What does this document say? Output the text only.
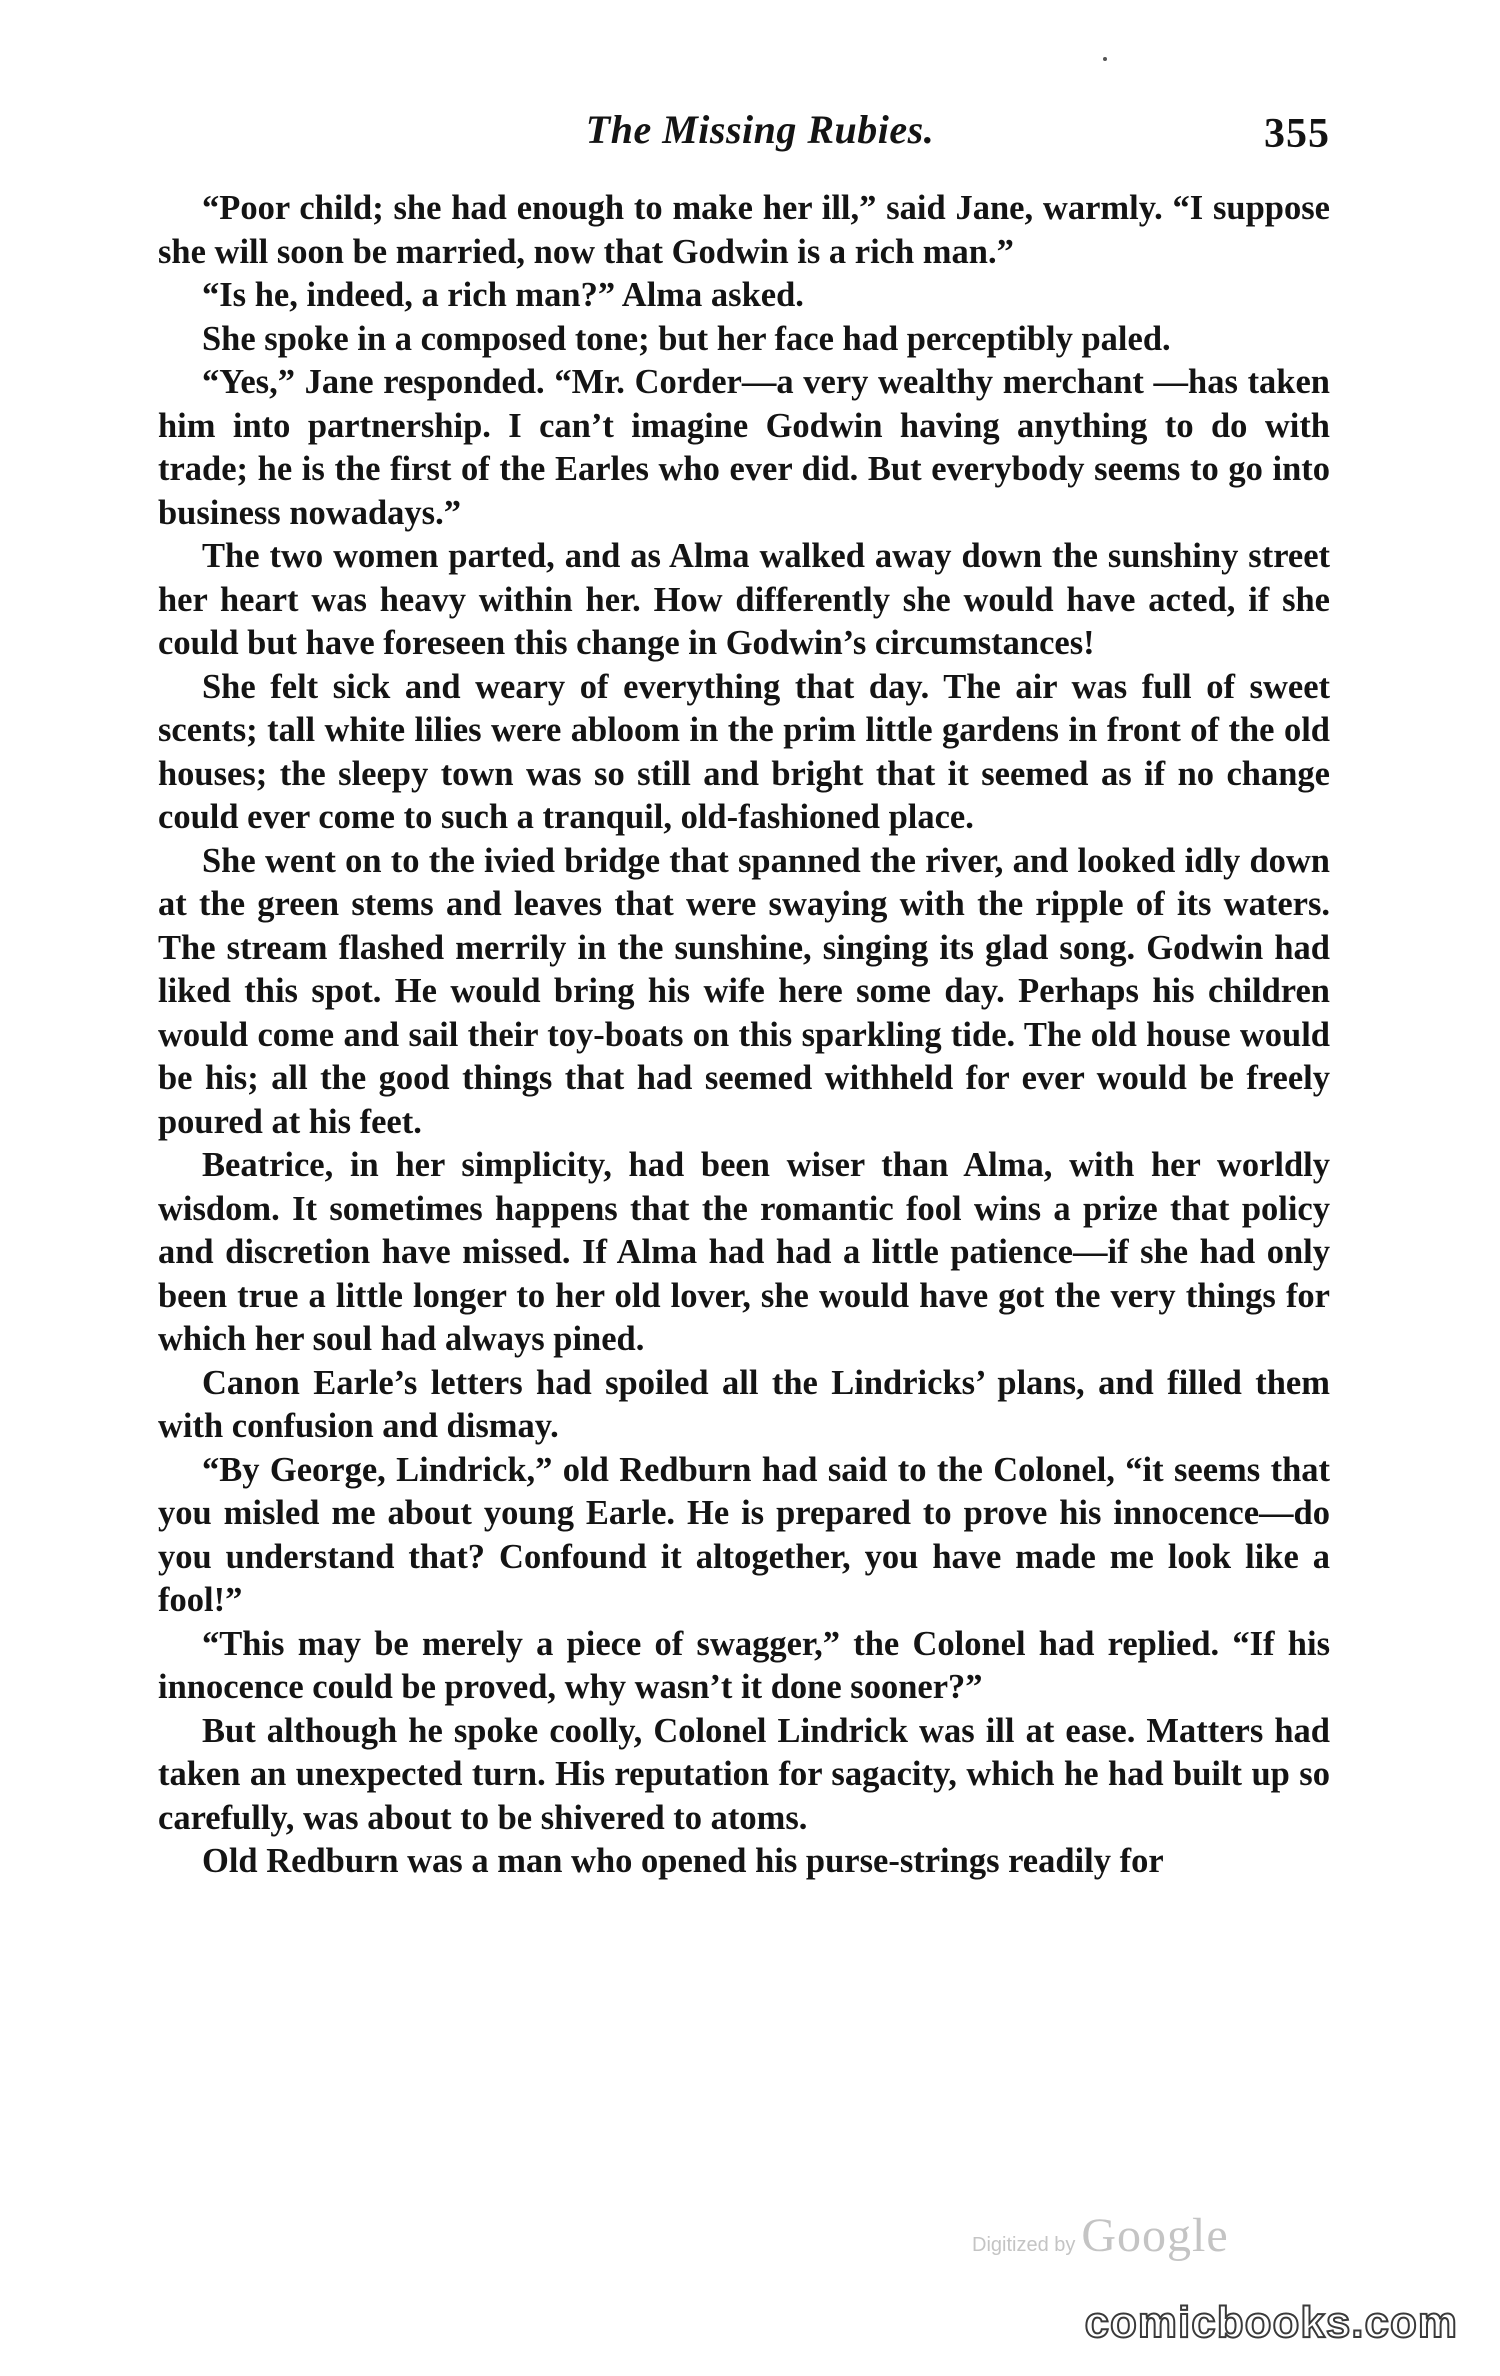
The Missing Rubies.	355

“Poor child; she had enough to make her ill,” said Jane, warmly. “I suppose she will soon be married, now that Godwin is a rich man.”

“Is he, indeed, a rich man?” Alma asked.

She spoke in a composed tone; but her face had perceptibly paled.

“Yes,” Jane responded. “Mr. Corder—a very wealthy merchant —has taken him into partnership. I can’t imagine Godwin having anything to do with trade; he is the first of the Earles who ever did. But everybody seems to go into business nowadays.”

The two women parted, and as Alma walked away down the sunshiny street her heart was heavy within her. How differently she would have acted, if she could but have foreseen this change in Godwin’s circumstances!

She felt sick and weary of everything that day. The air was full of sweet scents; tall white lilies were abloom in the prim little gardens in front of the old houses; the sleepy town was so still and bright that it seemed as if no change could ever come to such a tranquil, old-fashioned place.

She went on to the ivied bridge that spanned the river, and looked idly down at the green stems and leaves that were swaying with the ripple of its waters. The stream flashed merrily in the sunshine, singing its glad song. Godwin had liked this spot. He would bring his wife here some day. Perhaps his children would come and sail their toy-boats on this sparkling tide. The old house would be his; all the good things that had seemed withheld for ever would be freely poured at his feet.

Beatrice, in her simplicity, had been wiser than Alma, with her worldly wisdom. It sometimes happens that the romantic fool wins a prize that policy and discretion have missed. If Alma had had a little patience—if she had only been true a little longer to her old lover, she would have got the very things for which her soul had always pined.

Canon Earle’s letters had spoiled all the Lindricks’ plans, and filled them with confusion and dismay.

“By George, Lindrick,” old Redburn had said to the Colonel, “it seems that you misled me about young Earle. He is prepared to prove his innocence—do you understand that? Confound it altogether, you have made me look like a fool!”

“This may be merely a piece of swagger,” the Colonel had replied. “If his innocence could be proved, why wasn’t it done sooner?”

But although he spoke coolly, Colonel Lindrick was ill at ease. Matters had taken an unexpected turn. His reputation for sagacity, which he had built up so carefully, was about to be shivered to atoms.

Old Redburn was a man who opened his purse-strings readily for

Digitized by Google
comicbooks.com
